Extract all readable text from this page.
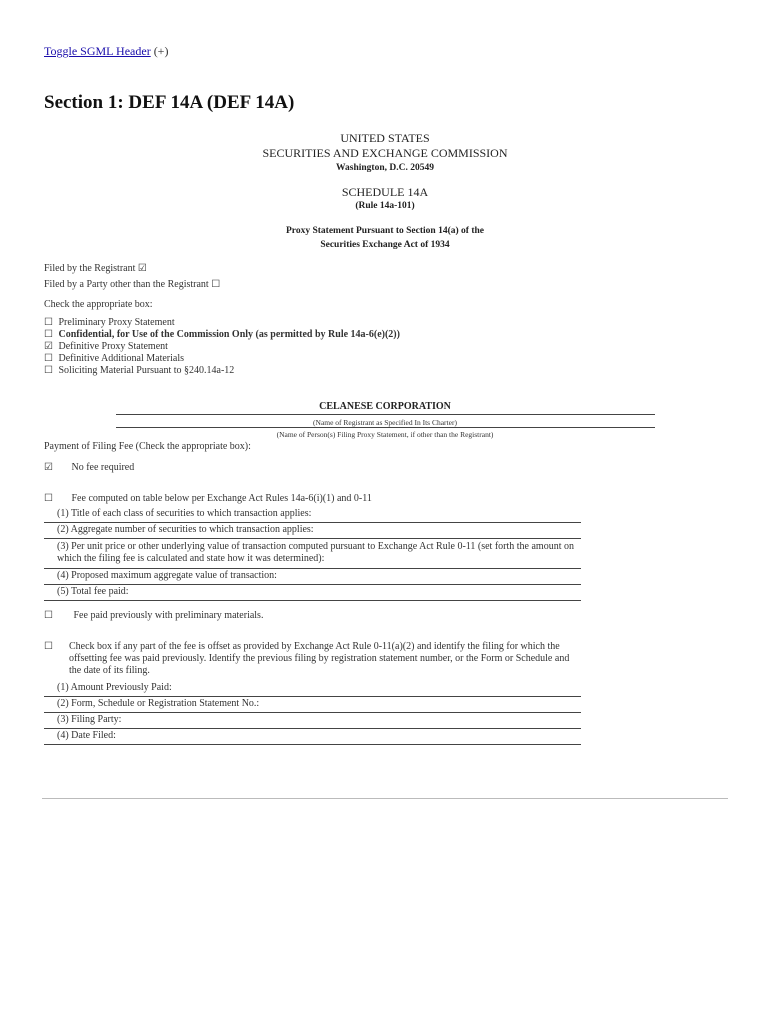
Toggle SGML Header (+)
Section 1: DEF 14A (DEF 14A)
UNITED STATES
SECURITIES AND EXCHANGE COMMISSION
Washington, D.C. 20549
SCHEDULE 14A
(Rule 14a-101)
Proxy Statement Pursuant to Section 14(a) of the
Securities Exchange Act of 1934
Filed by the Registrant ☑
Filed by a Party other than the Registrant ☐
Check the appropriate box:
☐ Preliminary Proxy Statement
☐ Confidential, for Use of the Commission Only (as permitted by Rule 14a-6(e)(2))
☑ Definitive Proxy Statement
☐ Definitive Additional Materials
☐ Soliciting Material Pursuant to §240.14a-12
CELANESE CORPORATION
(Name of Registrant as Specified In Its Charter)
(Name of Person(s) Filing Proxy Statement, if other than the Registrant)
Payment of Filing Fee (Check the appropriate box):
☑ No fee required
☐ Fee computed on table below per Exchange Act Rules 14a-6(i)(1) and 0-11
(1) Title of each class of securities to which transaction applies:
(2) Aggregate number of securities to which transaction applies:
(3) Per unit price or other underlying value of transaction computed pursuant to Exchange Act Rule 0-11 (set forth the amount on which the filing fee is calculated and state how it was determined):
(4) Proposed maximum aggregate value of transaction:
(5) Total fee paid:
☐ Fee paid previously with preliminary materials.
☐ Check box if any part of the fee is offset as provided by Exchange Act Rule 0-11(a)(2) and identify the filing for which the offsetting fee was paid previously. Identify the previous filing by registration statement number, or the Form or Schedule and the date of its filing.
(1) Amount Previously Paid:
(2) Form, Schedule or Registration Statement No.:
(3) Filing Party:
(4) Date Filed:
